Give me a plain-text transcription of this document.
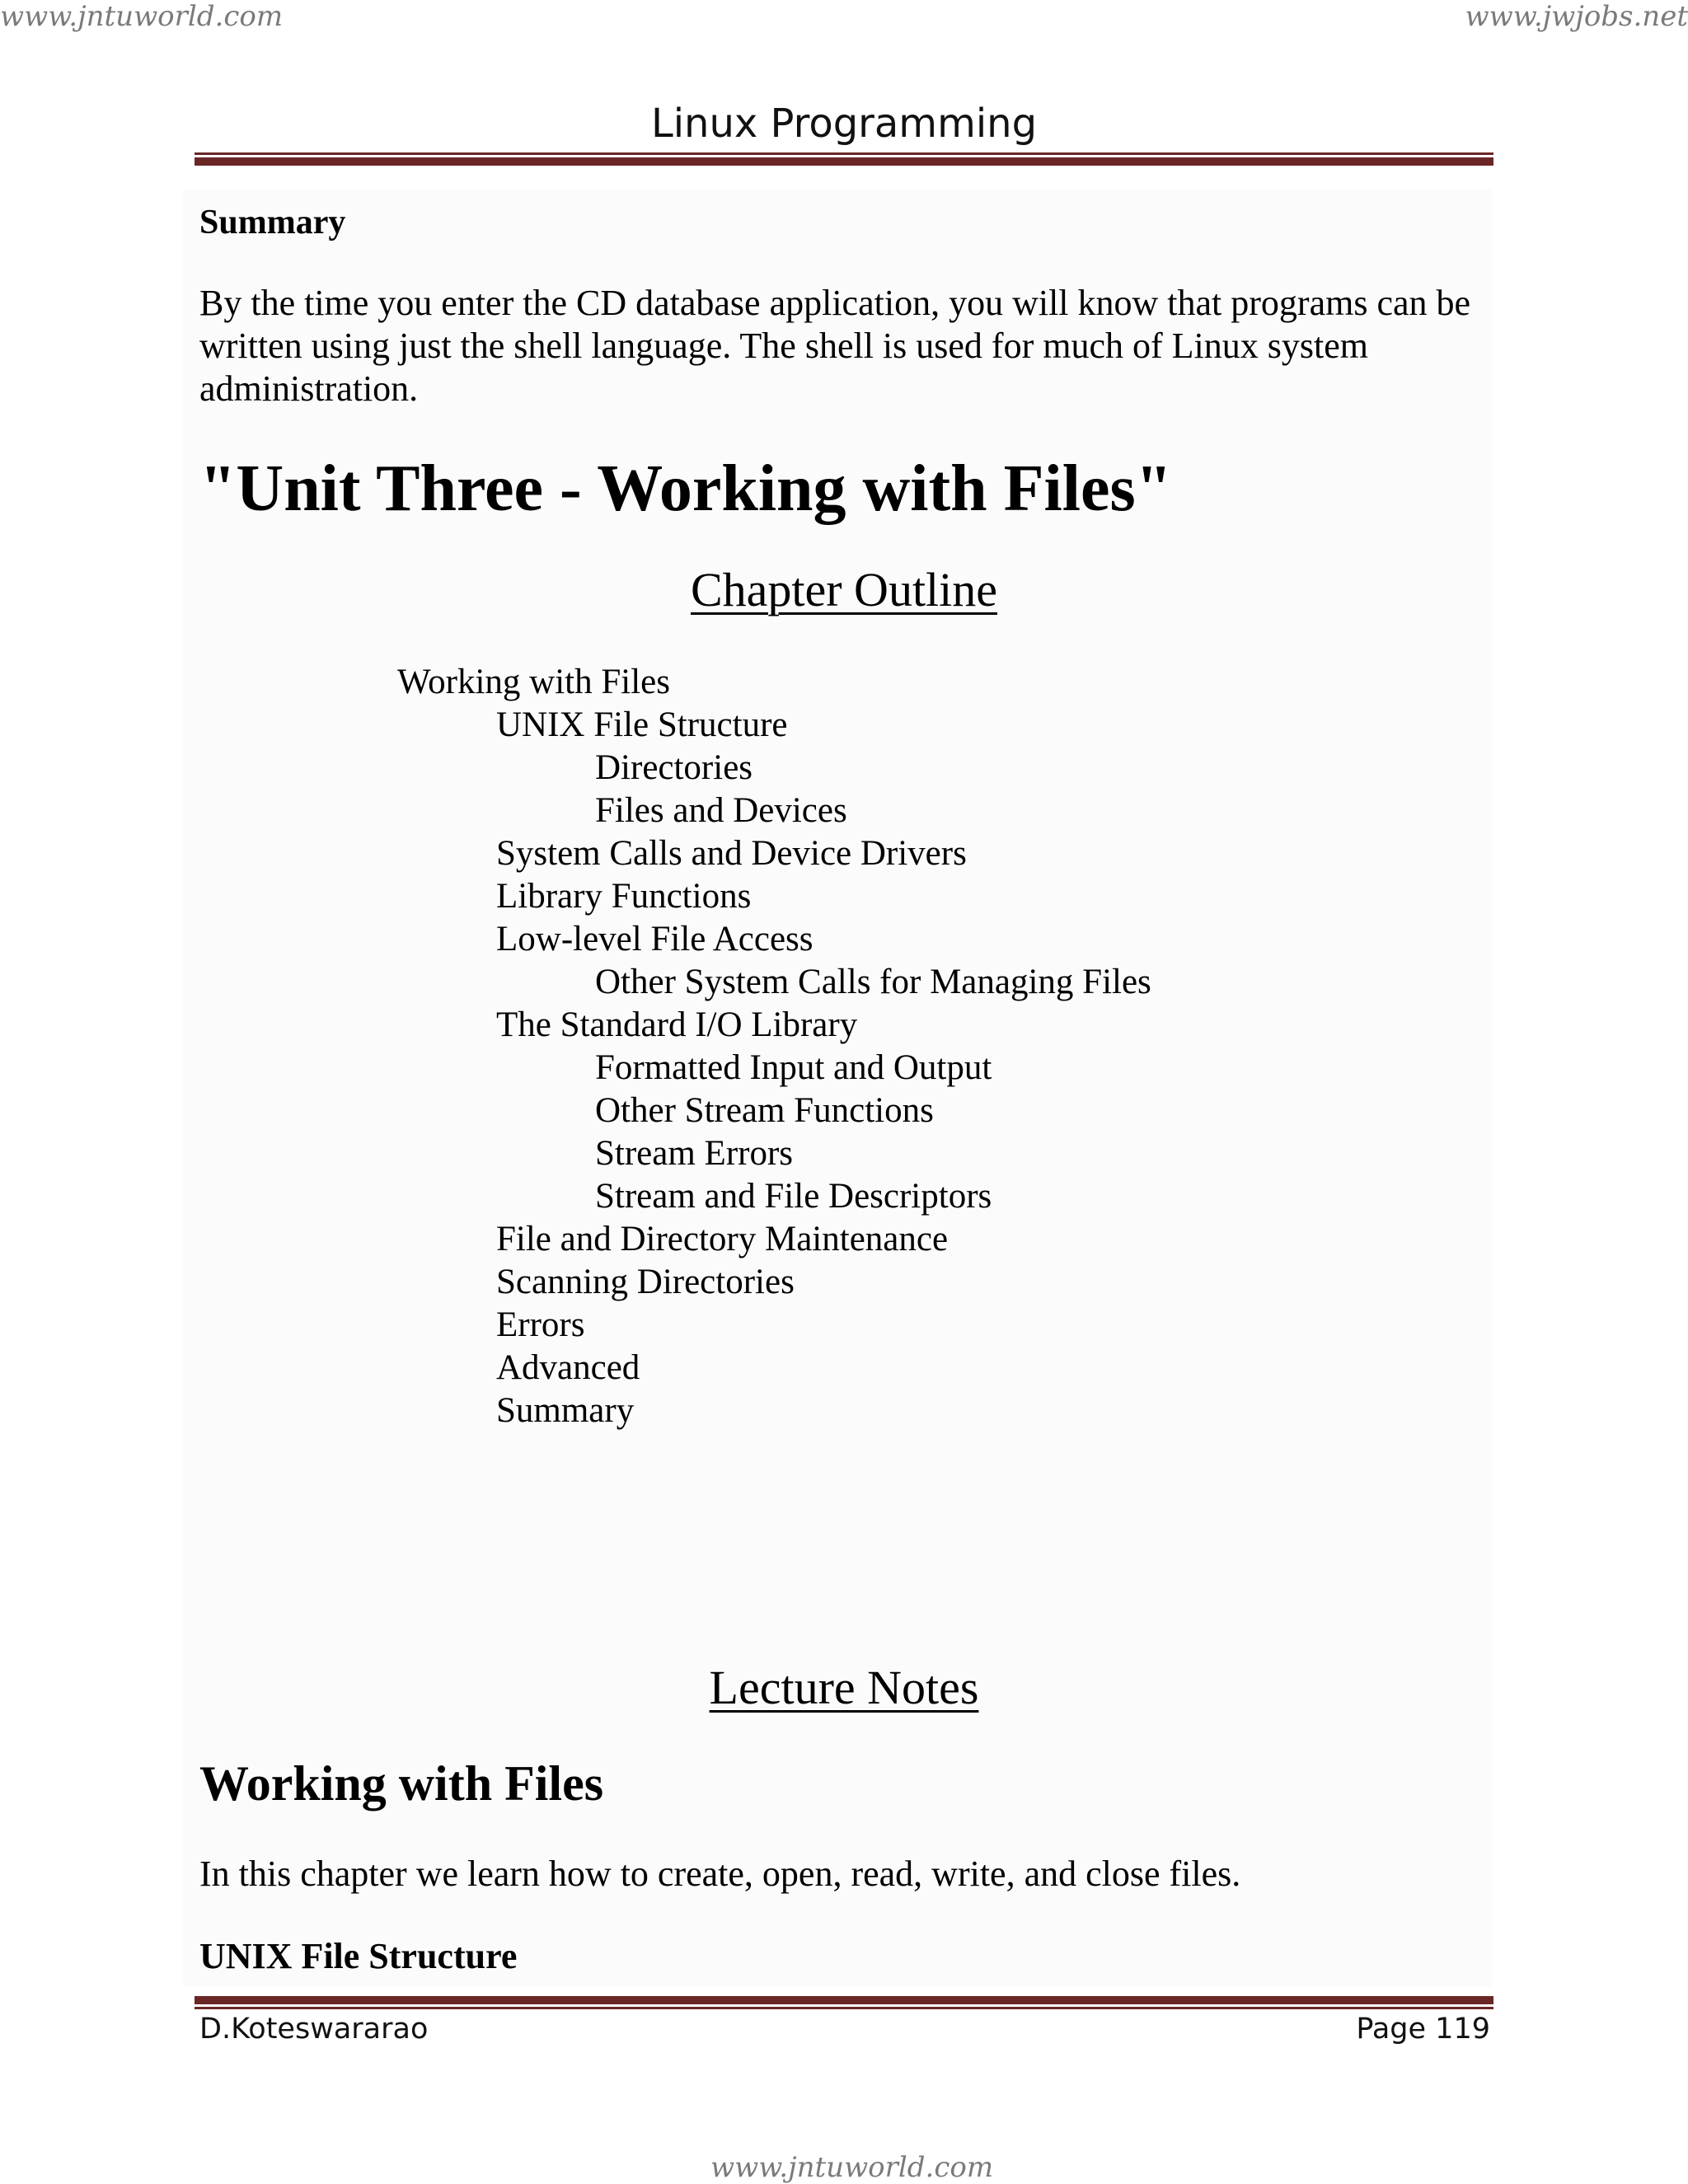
www.jntuworld.com	www.jwjobs.net
Linux Programming
Summary
By the time you enter the CD database application, you will know that programs can be written using just the shell language. The shell is used for much of Linux system administration.
"Unit Three - Working with Files"
Chapter Outline
Working with Files
UNIX File Structure
Directories
Files and Devices
System Calls and Device Drivers
Library Functions
Low-level File Access
Other System Calls for Managing Files
The Standard I/O Library
Formatted Input and Output
Other Stream Functions
Stream Errors
Stream and File Descriptors
File and Directory Maintenance
Scanning Directories
Errors
Advanced
Summary
Lecture Notes
Working with Files
In this chapter we learn how to create, open, read, write, and close files.
UNIX File Structure
D.Koteswararao	Page 119
www.jntuworld.com
